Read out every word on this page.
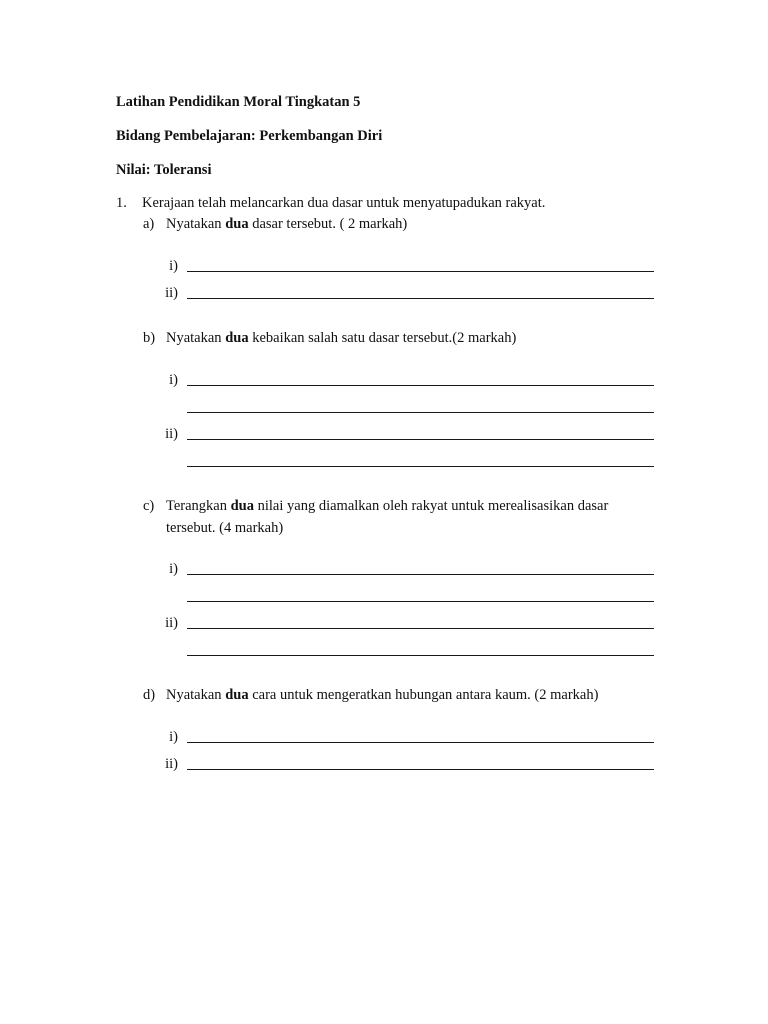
Latihan Pendidikan Moral Tingkatan 5
Bidang Pembelajaran: Perkembangan Diri
Nilai: Toleransi
1. Kerajaan telah melancarkan dua dasar untuk menyatupadukan rakyat.
a) Nyatakan dua dasar tersebut. ( 2 markah)
i)
ii)
b) Nyatakan dua kebaikan salah satu dasar tersebut.(2 markah)
i)
ii)
c) Terangkan dua nilai yang diamalkan oleh rakyat untuk merealisasikan dasar
tersebut. (4 markah)
i)
ii)
d) Nyatakan dua cara untuk mengeratkan hubungan antara kaum. (2 markah)
i)
ii)
